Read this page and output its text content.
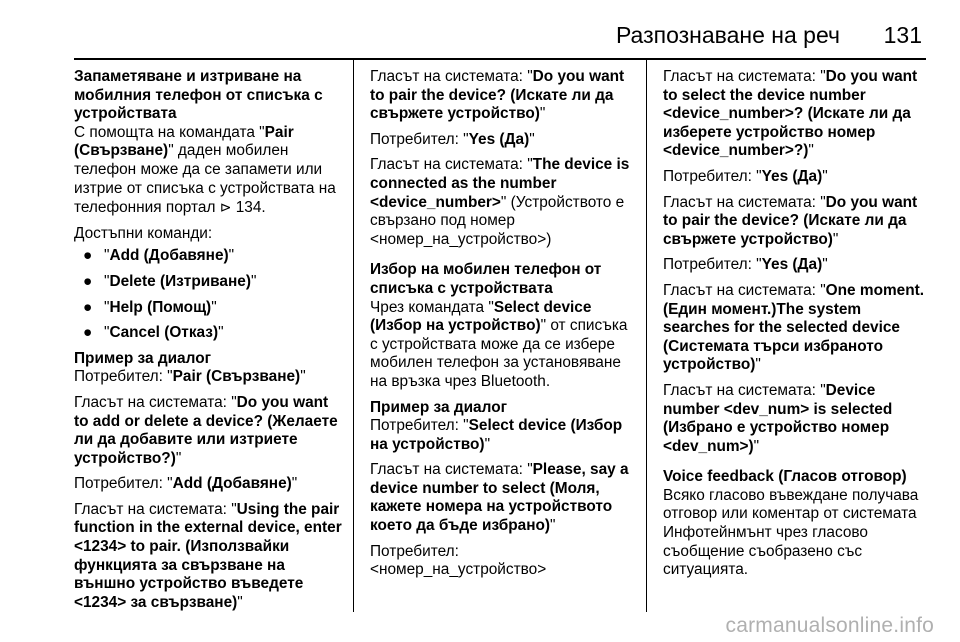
Разпознаване на реч 131

Запаметяване и изтриване на мобилния телефон от списъка с устройствата

С помощта на командата "Pair (Свързване)" даден мобилен телефон може да се запамети или изтрие от списъка с устройствата на телефонния портал ⊳ 134.

Достъпни команди:

● "Add (Добавяне)"
● "Delete (Изтриване)"
● "Help (Помощ)"
● "Cancel (Отказ)"

Пример за диалог

Потребител: "Pair (Свързване)"

Гласът на системата: "Do you want to add or delete a device? (Желаете ли да добавите или изтриете устройство?)"

Потребител: "Add (Добавяне)"

Гласът на системата: "Using the pair function in the external device, enter <1234> to pair. (Използвайки функцията за свързване на външно устройство въведете <1234> за свързване)"

Гласът на системата: "Do you want to pair the device? (Искате ли да свържете устройство)"

Потребител: "Yes (Да)"

Гласът на системата: "The device is connected as the number <device_number>" (Устройството е свързано под номер <номер_на_устройство>)

Избор на мобилен телефон от списъка с устройствата

Чрез командата "Select device (Избор на устройство)" от списъка с устройствата може да се избере мобилен телефон за установяване на връзка чрез Bluetooth.

Пример за диалог

Потребител: "Select device (Избор на устройство)"

Гласът на системата: "Please, say a device number to select (Моля, кажете номера на устройството което да бъде избрано)"

Потребител:
<номер_на_устройство>

Гласът на системата: "Do you want to select the device number <device_number>? (Искате ли да изберете устройство номер <device_number>?)"

Потребител: "Yes (Да)"

Гласът на системата: "Do you want to pair the device? (Искате ли да свържете устройство)"

Потребител: "Yes (Да)"

Гласът на системата: "One moment. (Един момент.)The system searches for the selected device (Системата търси избраното устройство)"

Гласът на системата: "Device number <dev_num> is selected (Избрано е устройство номер <dev_num>)"

Voice feedback (Гласов отговор)

Всяко гласово въвеждане получава отговор или коментар от системата Инфотейнмънт чрез гласово съобщение съобразено със ситуацията.

carmanualsonline.info
